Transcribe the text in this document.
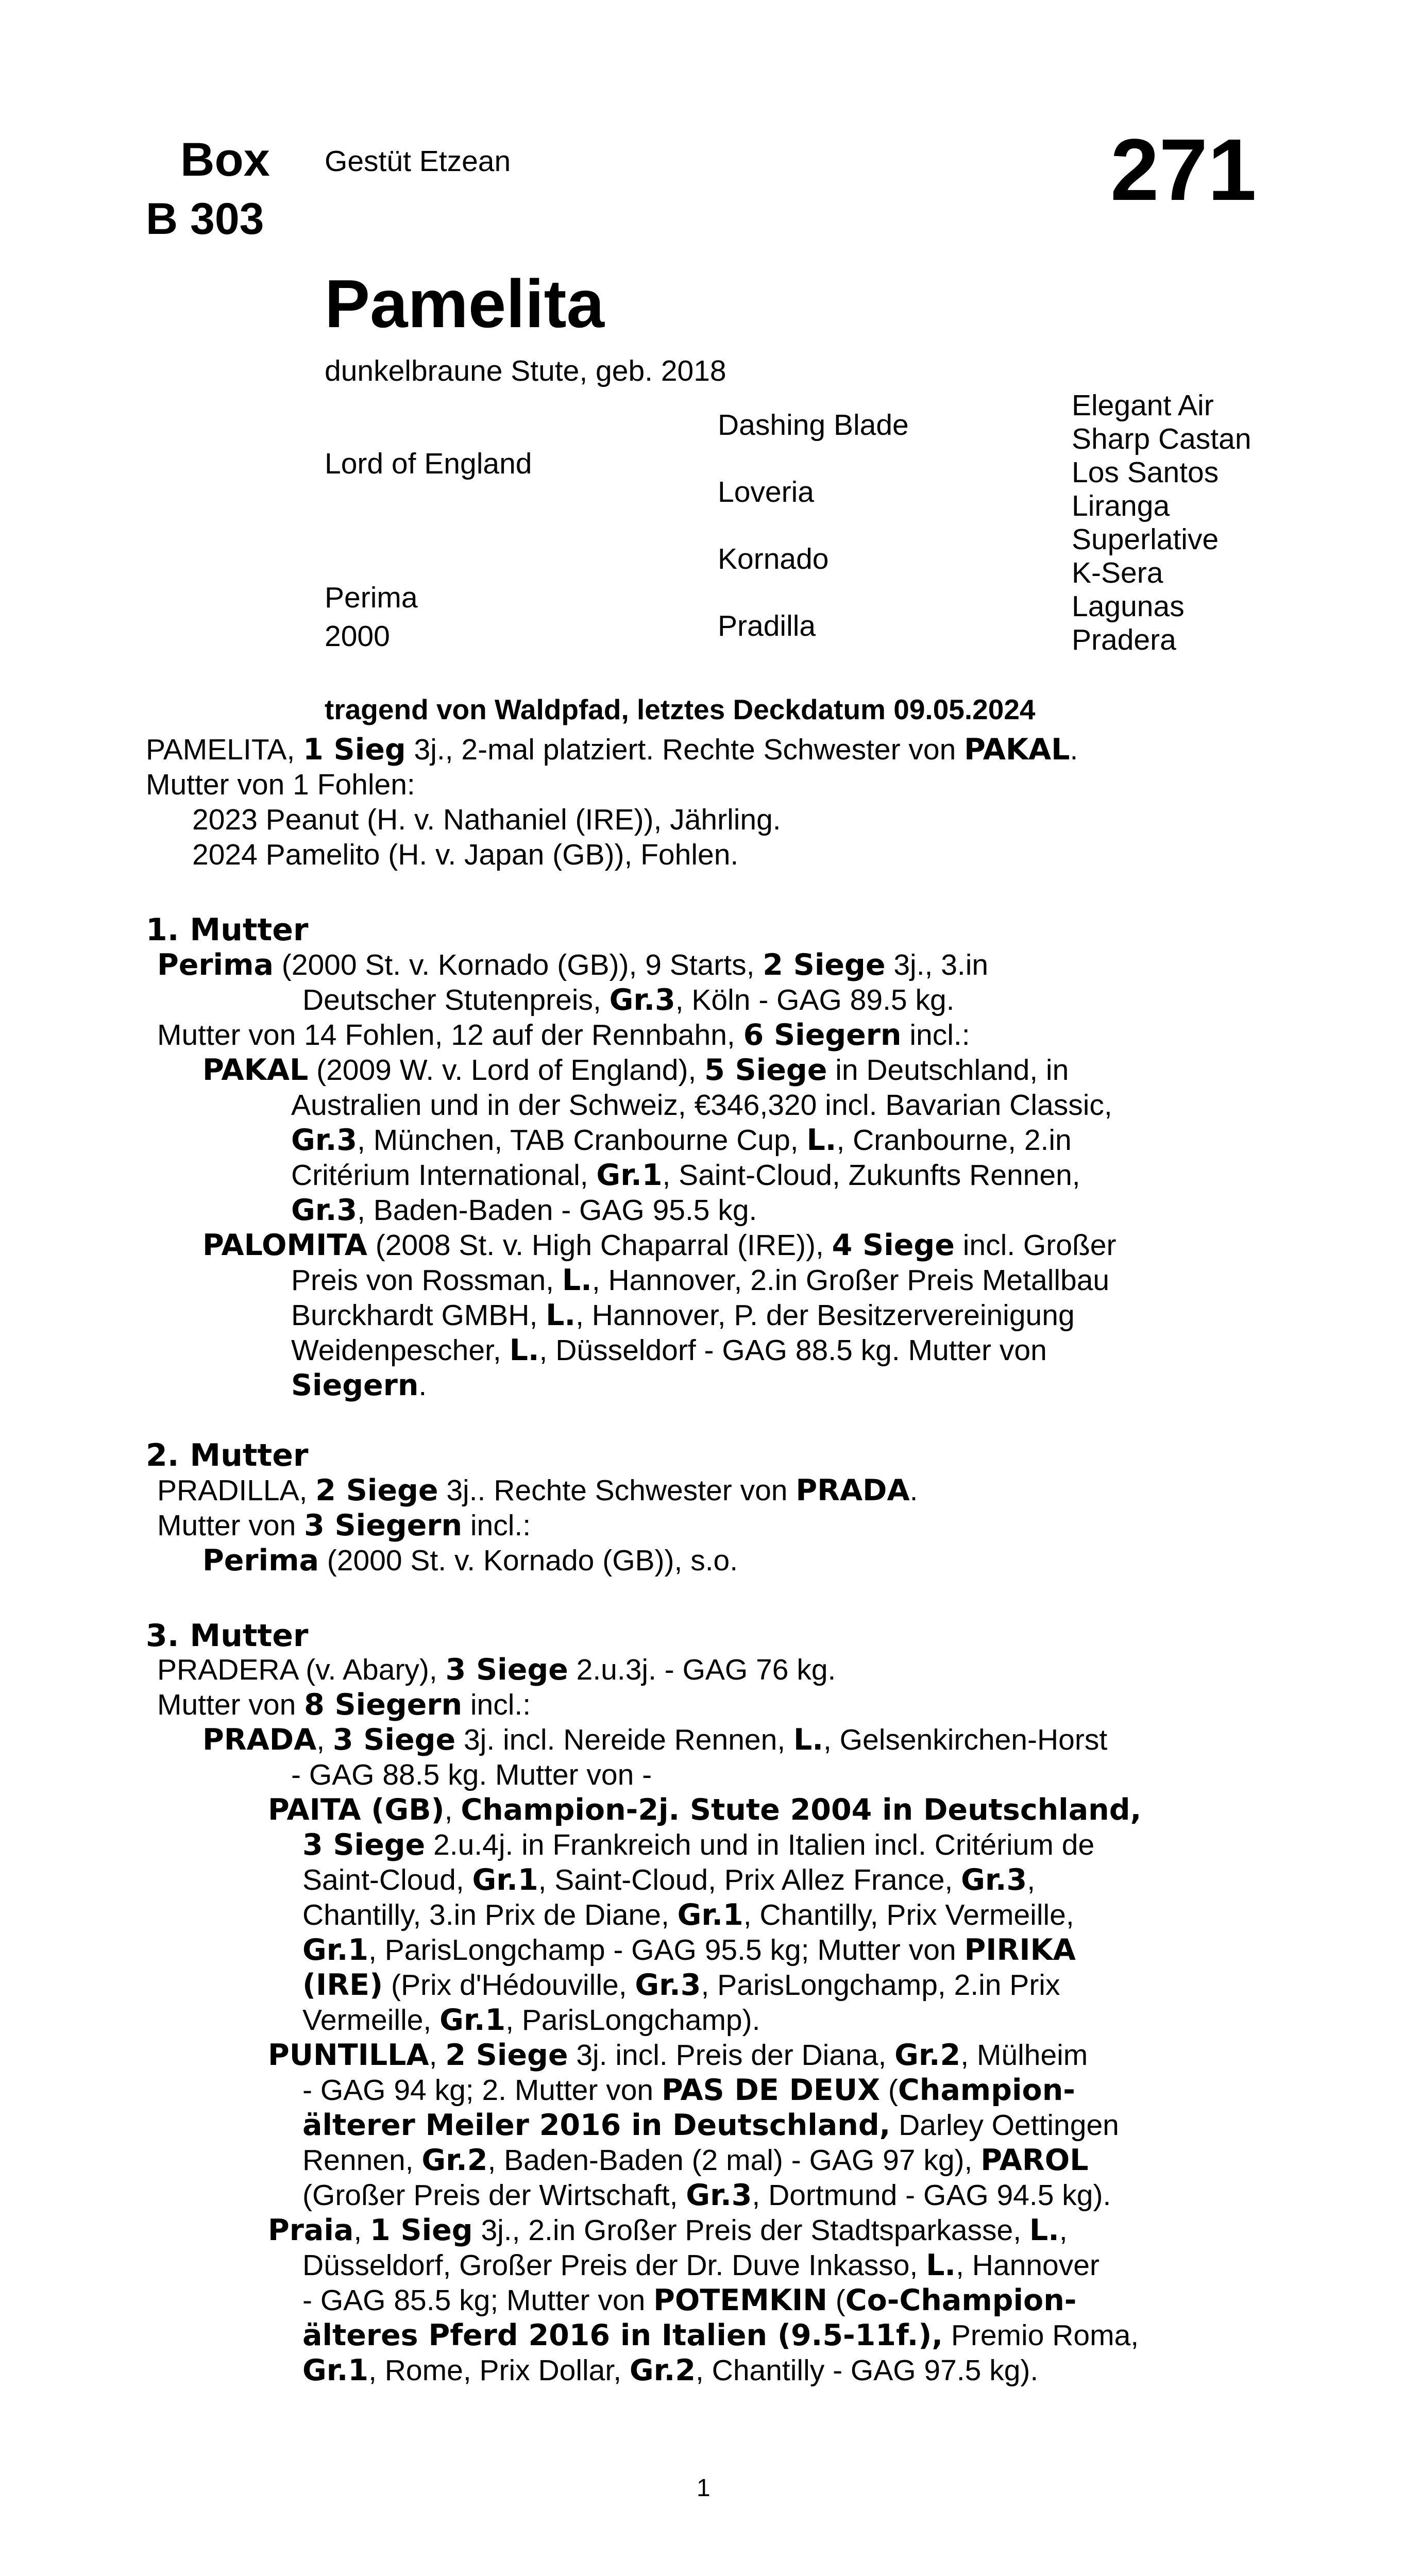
Box
B 303
Gestüt Etzean	271
Pamelita
dunkelbraune Stute, geb. 2018
Lord of England
Perima
2000
Dashing Blade
Loveria
Kornado
Pradilla
Elegant Air
Sharp Castan
Los Santos
Liranga
Superlative
K-Sera
Lagunas
Pradera
tragend von Waldpfad, letztes Deckdatum 09.05.2024
PAMELITA, 1 Sieg 3j., 2-mal platziert. Rechte Schwester von PAKAL.
Mutter von 1 Fohlen:
2023 Peanut (H. v. Nathaniel (IRE)), Jährling.
2024 Pamelito (H. v. Japan (GB)), Fohlen.
1. Mutter
Perima (2000 St. v. Kornado (GB)), 9 Starts, 2 Siege 3j., 3.in
Deutscher Stutenpreis, Gr.3, Köln - GAG 89.5 kg.
Mutter von 14 Fohlen, 12 auf der Rennbahn, 6 Siegern incl.:
PAKAL (2009 W. v. Lord of England), 5 Siege in Deutschland, in
Australien und in der Schweiz, €346,320 incl. Bavarian Classic,
Gr.3, München, TAB Cranbourne Cup, L., Cranbourne, 2.in
Critérium International, Gr.1, Saint-Cloud, Zukunfts Rennen,
Gr.3, Baden-Baden - GAG 95.5 kg.
PALOMITA (2008 St. v. High Chaparral (IRE)), 4 Siege incl. Großer
Preis von Rossman, L., Hannover, 2.in Großer Preis Metallbau
Burckhardt GMBH, L., Hannover, P. der Besitzervereinigung
Weidenpescher, L., Düsseldorf - GAG 88.5 kg. Mutter von
Siegern.
2. Mutter
PRADILLA, 2 Siege 3j.. Rechte Schwester von PRADA.
Mutter von 3 Siegern incl.:
Perima (2000 St. v. Kornado (GB)), s.o.
3. Mutter
PRADERA (v. Abary), 3 Siege 2.u.3j. - GAG 76 kg.
Mutter von 8 Siegern incl.:
PRADA, 3 Siege 3j. incl. Nereide Rennen, L., Gelsenkirchen-Horst
- GAG 88.5 kg. Mutter von -
PAITA (GB), Champion-2j. Stute 2004 in Deutschland,
3 Siege 2.u.4j. in Frankreich und in Italien incl. Critérium de
Saint-Cloud, Gr.1, Saint-Cloud, Prix Allez France, Gr.3,
Chantilly, 3.in Prix de Diane, Gr.1, Chantilly, Prix Vermeille,
Gr.1, ParisLongchamp - GAG 95.5 kg; Mutter von PIRIKA
(IRE) (Prix d'Hédouville, Gr.3, ParisLongchamp, 2.in Prix
Vermeille, Gr.1, ParisLongchamp).
PUNTILLA, 2 Siege 3j. incl. Preis der Diana, Gr.2, Mülheim
- GAG 94 kg; 2. Mutter von PAS DE DEUX (Champion-
älterer Meiler 2016 in Deutschland, Darley Oettingen
Rennen, Gr.2, Baden-Baden (2 mal) - GAG 97 kg), PAROL
(Großer Preis der Wirtschaft, Gr.3, Dortmund - GAG 94.5 kg).
Praia, 1 Sieg 3j., 2.in Großer Preis der Stadtsparkasse, L.,
Düsseldorf, Großer Preis der Dr. Duve Inkasso, L., Hannover
- GAG 85.5 kg; Mutter von POTEMKIN (Co-Champion-
älteres Pferd 2016 in Italien (9.5-11f.), Premio Roma,
Gr.1, Rome, Prix Dollar, Gr.2, Chantilly - GAG 97.5 kg).
1
